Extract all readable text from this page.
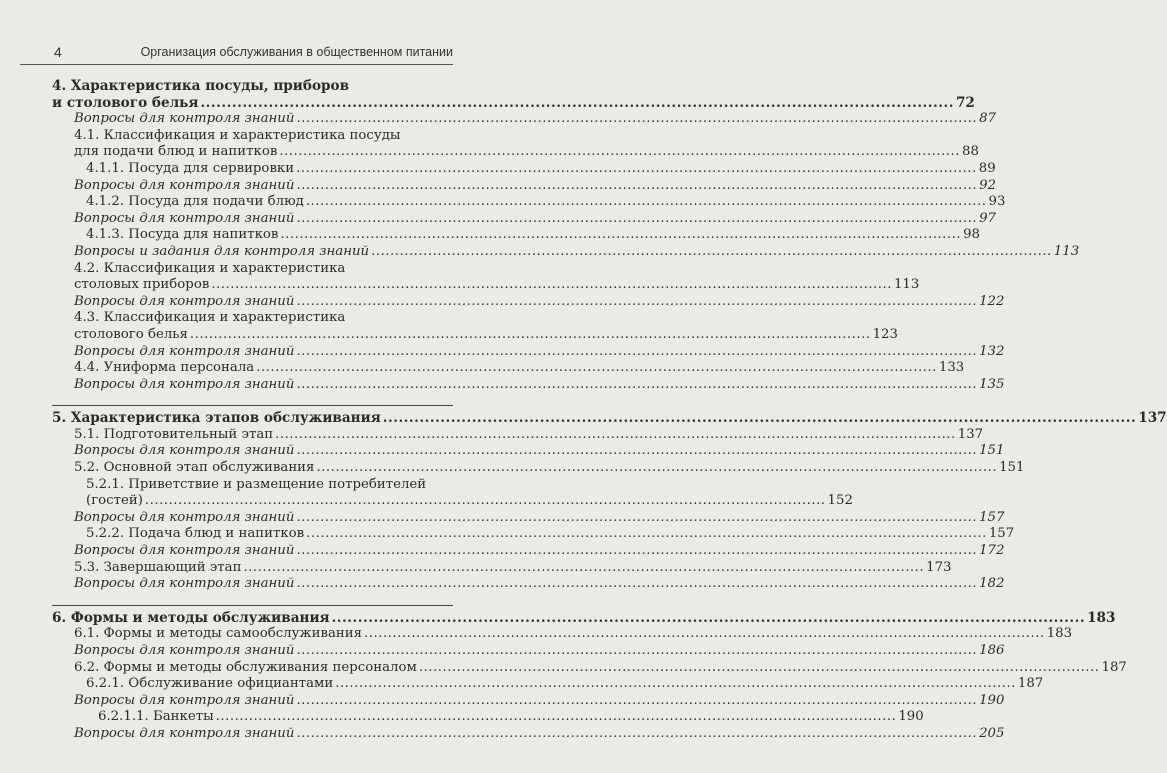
4	Организация обслуживания в общественном питании
4. Характеристика посуды, приборов
и столового белья .....	72
Вопросы для контроля знаний .....	87
4.1. Классификация и характеристика посуды
для подачи блюд и напитков .....	88
4.1.1. Посуда для сервировки .....	89
Вопросы для контроля знаний .....	92
4.1.2. Посуда для подачи блюд .....	93
Вопросы для контроля знаний .....	97
4.1.3. Посуда для напитков .....	98
Вопросы и задания для контроля знаний .....	113
4.2. Классификация и характеристика
столовых приборов .....	113
Вопросы для контроля знаний .....	122
4.3. Классификация и характеристика
столового белья .....	123
Вопросы для контроля знаний .....	132
4.4. Униформа персонала .....	133
Вопросы для контроля знаний .....	135
5. Характеристика этапов обслуживания .....	137
5.1. Подготовительный этап .....	137
Вопросы для контроля знаний .....	151
5.2. Основной этап обслуживания .....	151
5.2.1. Приветствие и размещение потребителей
(гостей) .....	152
Вопросы для контроля знаний .....	157
5.2.2. Подача блюд и напитков .....	157
Вопросы для контроля знаний .....	172
5.3. Завершающий этап .....	173
Вопросы для контроля знаний .....	182
6. Формы и методы обслуживания .....	183
6.1. Формы и методы самообслуживания .....	183
Вопросы для контроля знаний .....	186
6.2. Формы и методы обслуживания персоналом .....	187
6.2.1. Обслуживание официантами .....	187
Вопросы для контроля знаний .....	190
6.2.1.1. Банкеты .....	190
Вопросы для контроля знаний .....	205
